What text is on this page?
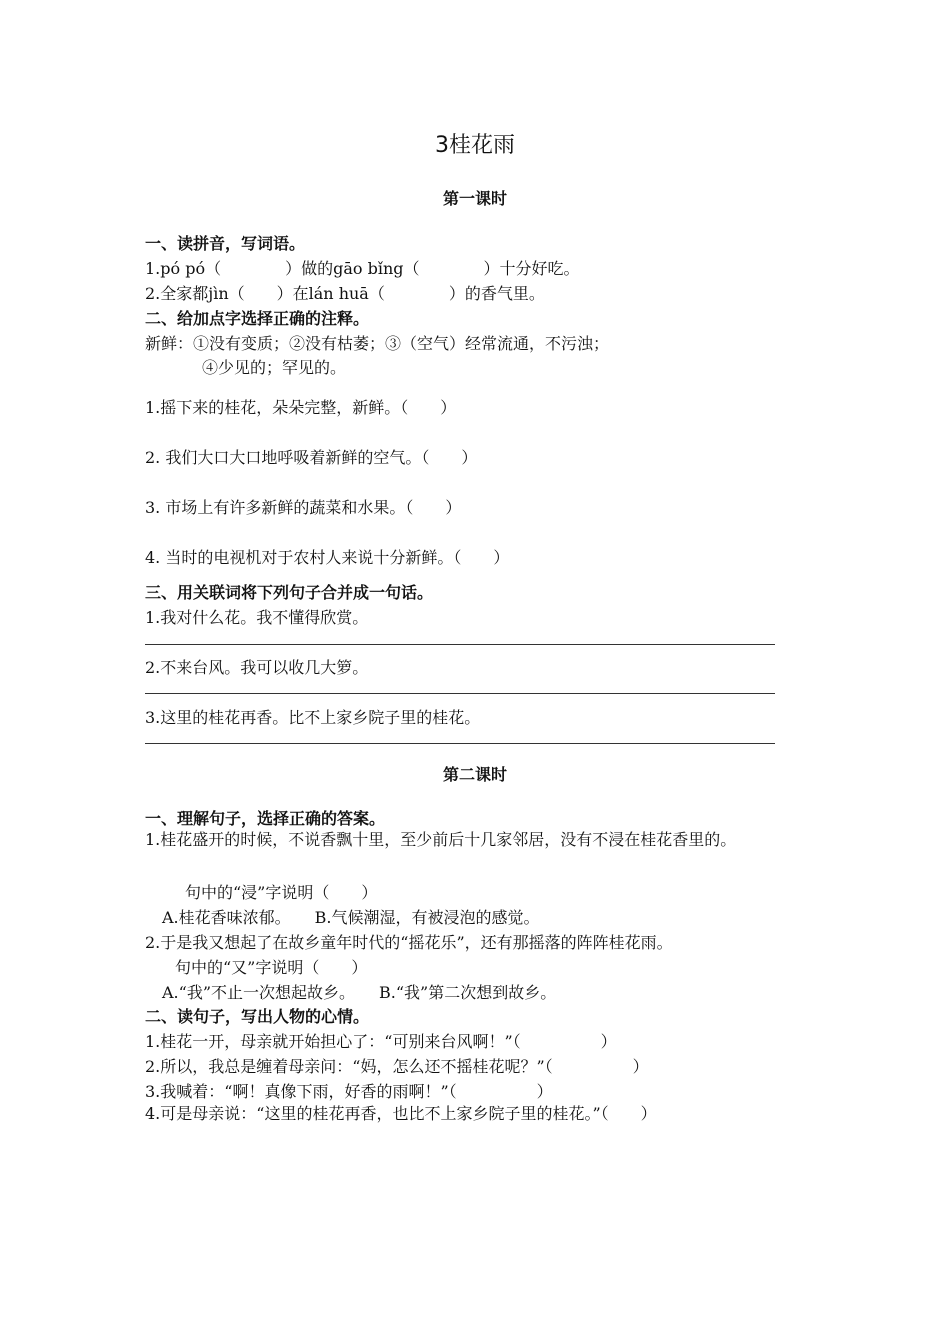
3桂花雨
第一课时
一、读拼音，写词语。

1.pó pó（　　　　）做的gāo bǐng（　　　　）十分好吃。

2.全家都jìn（　　）在lán huā（　　　　）的香气里。

二、给加点字选择正确的注释。

新鲜：①没有变质；②没有枯萎；③（空气）经常流通，不污浊；

④少见的；罕见的。

1.摇下来的桂花，朵朵完整，新鲜。（　　）

2. 我们大口大口地呼吸着新鲜的空气。（　　）

3. 市场上有许多新鲜的蔬菜和水果。（　　）

4. 当时的电视机对于农村人来说十分新鲜。（　　）

三、用关联词将下列句子合并成一句话。

1.我对什么花。我不懂得欣赏。

2.不来台风。我可以收几大箩。

3.这里的桂花再香。比不上家乡院子里的桂花。

第二课时
一、理解句子，选择正确的答案。

1.桂花盛开的时候，不说香飘十里，至少前后十几家邻居，没有不浸在桂花香里的。

句中的“浸”字说明（　　）

A.桂花香味浓郁。　　B.气候潮湿，有被浸泡的感觉。

2.于是我又想起了在故乡童年时代的“摇花乐”，还有那摇落的阵阵桂花雨。

句中的“又”字说明（　　）

A.“我”不止一次想起故乡。　　B.“我”第二次想到故乡。

二、读句子，写出人物的心情。

1.桂花一开，母亲就开始担心了：“可别来台风啊！”（　　　　　）

2.所以，我总是缠着母亲问：“妈，怎么还不摇桂花呢？”（　　　　　）

3.我喊着：“啊！真像下雨，好香的雨啊！”（　　　　　）

4.可是母亲说：“这里的桂花再香，也比不上家乡院子里的桂花。”（　　）
